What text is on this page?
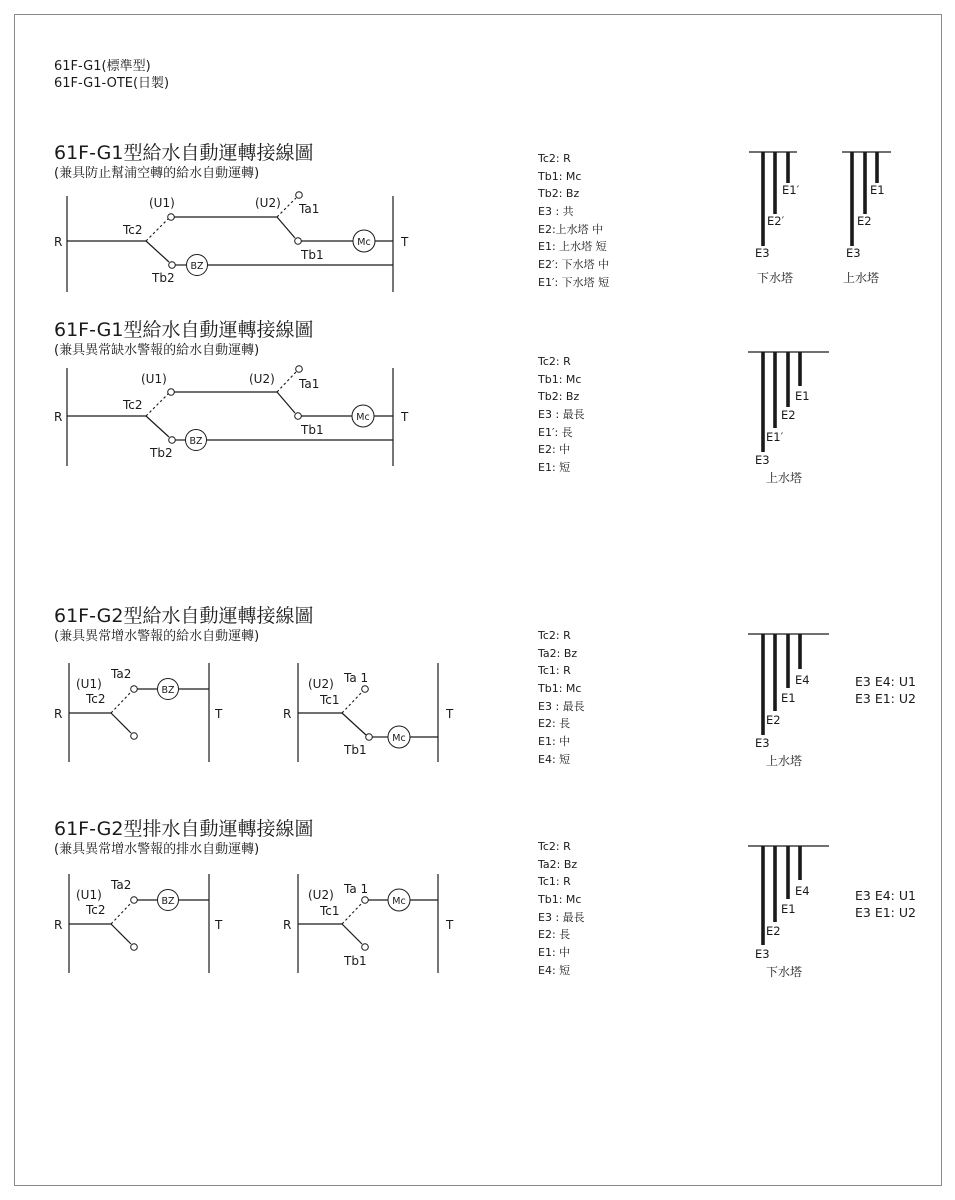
61F-G1(標準型)
61F-G1-OTE(日製)
61F-G1型給水自動運轉接線圖
(兼具防止幫浦空轉的給水自動運轉)
61F-G1型給水自動運轉接線圖
(兼具異常缺水警報的給水自動運轉)
61F-G2型給水自動運轉接線圖
(兼具異常增水警報的給水自動運轉)
61F-G2型排水自動運轉接線圖
(兼具異常增水警報的排水自動運轉)
Tc2: R
Tb1: Mc
Tb2: Bz
E3 : 共
E2:上水塔 中
E1: 上水塔 短
E2′: 下水塔 中
E1′: 下水塔 短
Tc2: R
Tb1: Mc
Tb2: Bz
E3 : 最長
E1′: 長
E2: 中
E1: 短
Tc2: R
Ta2: Bz
Tc1: R
Tb1: Mc
E3 : 最長
E2: 長
E1: 中
E4: 短
Tc2: R
Ta2: Bz
Tc1: R
Tb1: Mc
E3 : 最長
E2: 長
E1: 中
E4: 短
E3 E4: U1
E3 E1: U2
E3 E4: U1
E3 E1: U2
R	T
Tc2
(U1)	(U2) Ta1
Tb1
Tb2
Mc
BZ
E3
E2′
E1′
下水塔
E3
E2
E1
上水塔
R	T
Tc2
(U1)	(U2) Ta1
Tb1
Tb2
Mc
BZ
E3
E1′
E2
E1
上水塔
R	T
(U1)
Ta2
Tc2
BZ
R	T
(U2) Ta 1
Tc1
Tb1
Mc	E3
E2
E1
E4
上水塔
R	T
(U1)
Ta2
Tc2
BZ
R	T
(U2) Ta 1
Tc1
Tb1
Mc
E3
E2
E1
E4
下水塔
